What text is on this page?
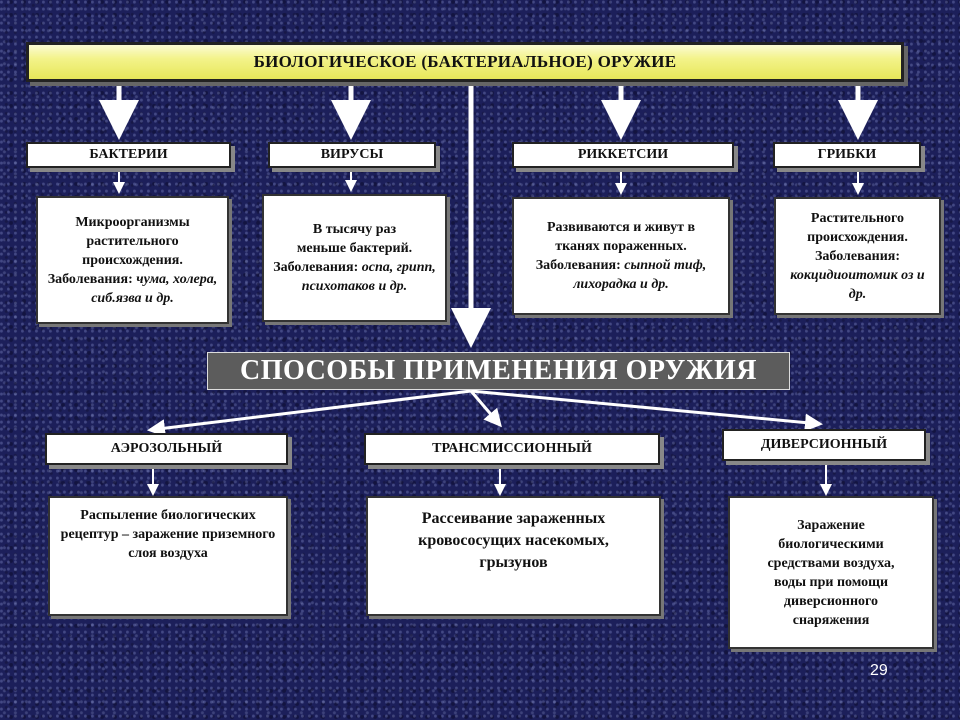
БИОЛОГИЧЕСКОЕ (БАКТЕРИАЛЬНОЕ) ОРУЖИЕ
БАКТЕРИИ	ВИРУСЫ	РИККЕТСИИ	ГРИБКИ
Микроорганизмы
растительного
происхождения.
Заболевания: чума, холера, сиб.язва и др.
В тысячу раз
меньше бактерий.
Заболевания: оспа, грипп, психотаков и др.
Развиваются и живут в
тканях пораженных.
Заболевания: сыпной тиф, лихорадка и др.
Растительного
происхождения.
Заболевания: кокцидиоитомик оз и др.
СПОСОБЫ ПРИМЕНЕНИЯ ОРУЖИЯ
АЭРОЗОЛЬНЫЙ	ТРАНСМИССИОННЫЙ	ДИВЕРСИОННЫЙ
Распыление биологических рецептур – заражение приземного слоя воздуха
Рассеивание зараженных кровососущих насекомых, грызунов
Заражение биологическими средствами воздуха, воды при помощи диверсионного снаряжения
29
